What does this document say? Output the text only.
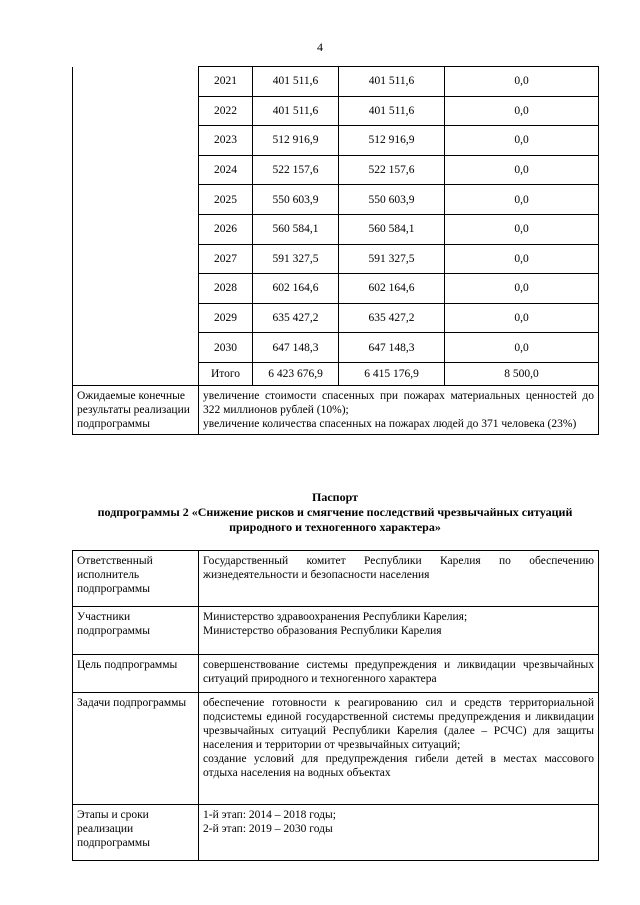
4
	2021	401 511,6	401 511,6	0,0
	2022	401 511,6	401 511,6	0,0
	2023	512 916,9	512 916,9	0,0
	2024	522 157,6	522 157,6	0,0
	2025	550 603,9	550 603,9	0,0
	2026	560 584,1	560 584,1	0,0
	2027	591 327,5	591 327,5	0,0
	2028	602 164,6	602 164,6	0,0
	2029	635 427,2	635 427,2	0,0
	2030	647 148,3	647 148,3	0,0
	Итого	6 423 676,9	6 415 176,9	8 500,0
Ожидаемые конечные результаты реализации подпрограммы	увеличение стоимости спасенных при пожарах материальных ценностей до 322 миллионов рублей (10%);
увеличение количества спасенных на пожарах людей до 371 человека (23%)			
Паспорт
подпрограммы 2 «Снижение рисков и смягчение последствий чрезвычайных ситуаций
природного и техногенного характера»
Ответственный исполнитель подпрограммы	Государственный комитет Республики Карелия по обеспечению жизнедеятельности и безопасности населения
Участники подпрограммы	Министерство здравоохранения Республики Карелия;
Министерство образования Республики Карелия

Цель подпрограммы	совершенствование системы предупреждения и ликвидации чрезвычайных ситуаций природного и техногенного характера
Задачи подпрограммы	обеспечение готовности к реагированию сил и средств территориальной подсистемы единой государственной системы предупреждения и ликвидации чрезвычайных ситуаций Республики Карелия (далее – РСЧС) для защиты населения и территории от чрезвычайных ситуаций;
создание условий для предупреждения гибели детей в местах массового отдыха населения на водных объектах

Этапы и сроки реализации подпрограммы	1-й этап: 2014 – 2018 годы;
2-й этап: 2019 – 2030 годы
